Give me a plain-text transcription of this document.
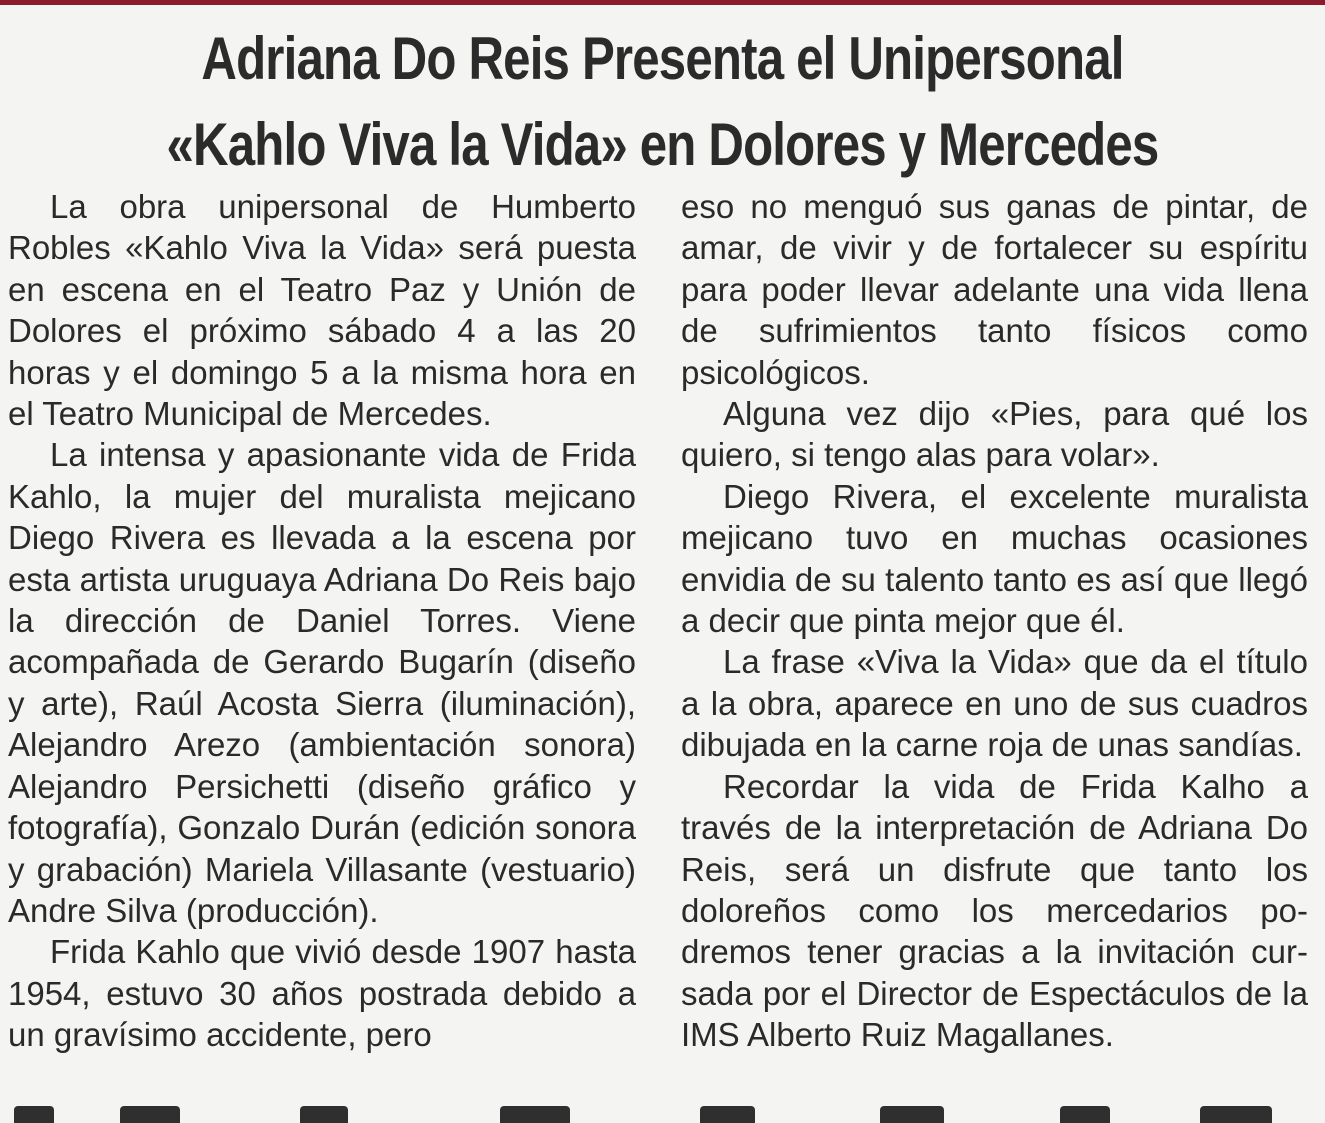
Adriana Do Reis Presenta el Unipersonal
«Kahlo Viva la Vida» en Dolores y Mercedes

La obra unipersonal de Humberto Robles «Kahlo Viva la Vida» será puesta en escena en el Teatro Paz y Unión de Dolores el próximo sábado 4 a las 20 horas y el domingo 5 a la misma hora en el Teatro Municipal de Mercedes.

La intensa y apasionante vida de Frida Kahlo, la mujer del muralista mejicano Diego Rivera es llevada a la escena por esta artista uruguaya Adriana Do Reis bajo la dirección de Daniel Torres. Viene acompañada de Gerardo Bugarín (diseño y arte), Raúl Acosta Sierra (iluminación), Alejandro Arezo (ambientación sonora) Alejandro Persichetti (diseño gráfico y fotografía), Gonzalo Durán (edición sonora y grabación) Mariela Villasante (vestuario) Andre Silva (producción).

Frida Kahlo que vivió desde 1907 hasta 1954, estuvo 30 años postrada debido a un gravísimo accidente, pero

eso no menguó sus ganas de pintar, de amar, de vivir y de fortalecer su espíritu para poder llevar adelante una vida llena de sufrimientos tanto físicos como psicológicos.

Alguna vez dijo «Pies, para qué los quiero, si tengo alas para volar».

Diego Rivera, el excelente muralista mejicano tuvo en muchas ocasiones envidia de su talento tanto es así que llegó a decir que pinta mejor que él.

La frase «Viva la Vida» que da el título a la obra, aparece en uno de sus cuadros dibujada en la carne roja de unas sandías.

Recordar la vida de Frida Kalho a través de la interpretación de Adriana Do Reis, será un disfrute que tanto los doloreños como los mercedarios podremos tener gracias a la invitación cursada por el Director de Espectáculos de la IMS Alberto Ruiz Magallanes.
